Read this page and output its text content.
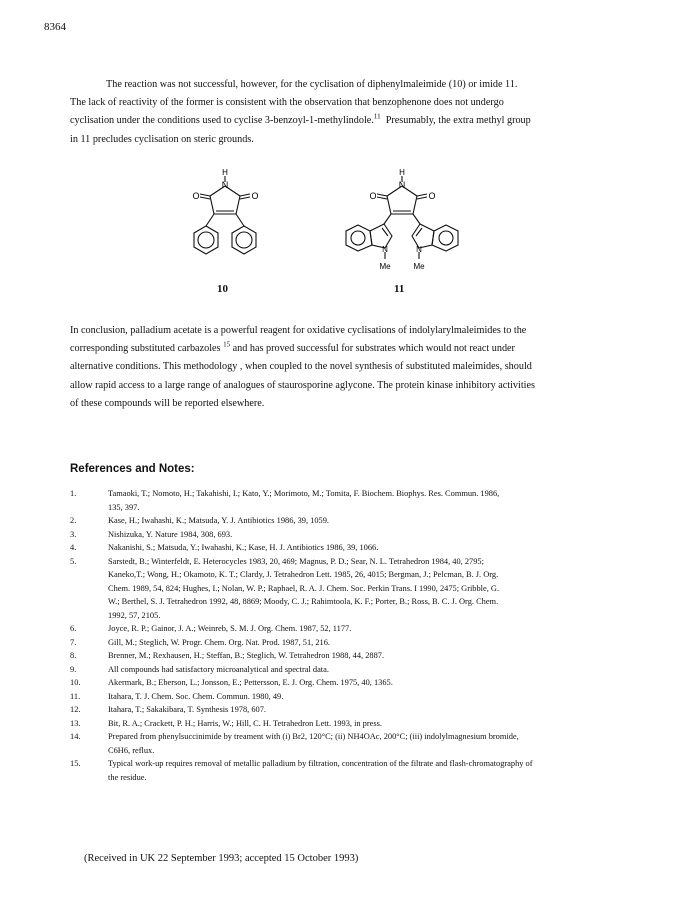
8364
The reaction was not successful, however, for the cyclisation of diphenylmaleimide (10) or imide 11.
The lack of reactivity of the former is consistent with the observation that benzophenone does not undergo
cyclisation under the conditions used to cyclise 3-benzoyl-1-methylindole.$^{11}$ Presumably, the extra methyl group
in 11 precludes cyclisation on steric grounds.
H
N
O	O
H
N
O	O
N	N
Me	Me
10	11
In conclusion, palladium acetate is a powerful reagent for oxidative cyclisations of indolylarylmaleimides to the
corresponding substituted carbazoles $^{15}$ and has proved successful for substrates which would not react under
alternative conditions. This methodology , when coupled to the novel synthesis of substituted maleimides, should
allow rapid access to a large range of analogues of staurosporine aglycone. The protein kinase inhibitory activities
of these compounds will be reported elsewhere.
References and Notes:
1.	Tamaoki, T.; Nomoto, H.; Takahishi, I.; Kato, Y.; Morimoto, M.; Tomita, F. Biochem. Biophys. Res. Commun. 1986,
135, 397.
2.	Kase, H.; Iwahashi, K.; Matsuda, Y. J. Antibiotics 1986, 39, 1059.
3.	Nishizuka, Y. Nature 1984, 308, 693.
4.	Nakanishi, S.; Matsuda, Y.; Iwahashi, K.; Kase, H. J. Antibiotics 1986, 39, 1066.
5.	Sarstedt, B.; Winterfeldt, E. Heterocycles 1983, 20, 469; Magnus, P. D.; Sear, N. L. Tetrahedron 1984, 40, 2795;
Kaneko,T.; Wong, H.; Okamoto, K. T.; Clardy, J. Tetrahedron Lett. 1985, 26, 4015; Bergman, J.; Pelcman, B. J. Org.
Chem. 1989, 54, 824; Hughes, I.; Nolan, W. P.; Raphael, R. A. J. Chem. Soc. Perkin Trans. I 1990, 2475; Gribble, G.
W.; Berthel, S. J. Tetrahedron 1992, 48, 8869; Moody, C. J.; Rahimtoola, K. F.; Porter, B.; Ross, B. C. J. Org. Chem.
1992, 57, 2105.
6.	Joyce, R. P.; Gainor, J. A.; Weinreb, S. M. J. Org. Chem. 1987, 52, 1177.
7.	Gill, M.; Steglich, W. Progr. Chem. Org. Nat. Prod. 1987, 51, 216.
8.	Brenner, M.; Rexhausen, H.; Steffan, B.; Steglich, W. Tetrahedron 1988, 44, 2887.
9.	All compounds had satisfactory microanalytical and spectral data.
10.	Akermark, B.; Eberson, L.; Jonsson, E.; Pettersson, E. J. Org. Chem. 1975, 40, 1365.
11.	Itahara, T. J. Chem. Soc. Chem. Commun. 1980, 49.
12.	Itahara, T.; Sakakibara, T. Synthesis 1978, 607.
13.	Bit, R. A.; Crackett, P. H.; Harris, W.; Hill, C. H. Tetrahedron Lett. 1993, in press.
14.	Prepared from phenylsuccinimide by treament with (i) Br2, 120°C; (ii) NH4OAc, 200°C; (iii) indolylmagnesium bromide,
C6H6, reflux.
15.	Typical work-up requires removal of metallic palladium by filtration, concentration of the filtrate and flash-chromatography of
the residue.
(Received in UK 22 September 1993; accepted 15 October 1993)
